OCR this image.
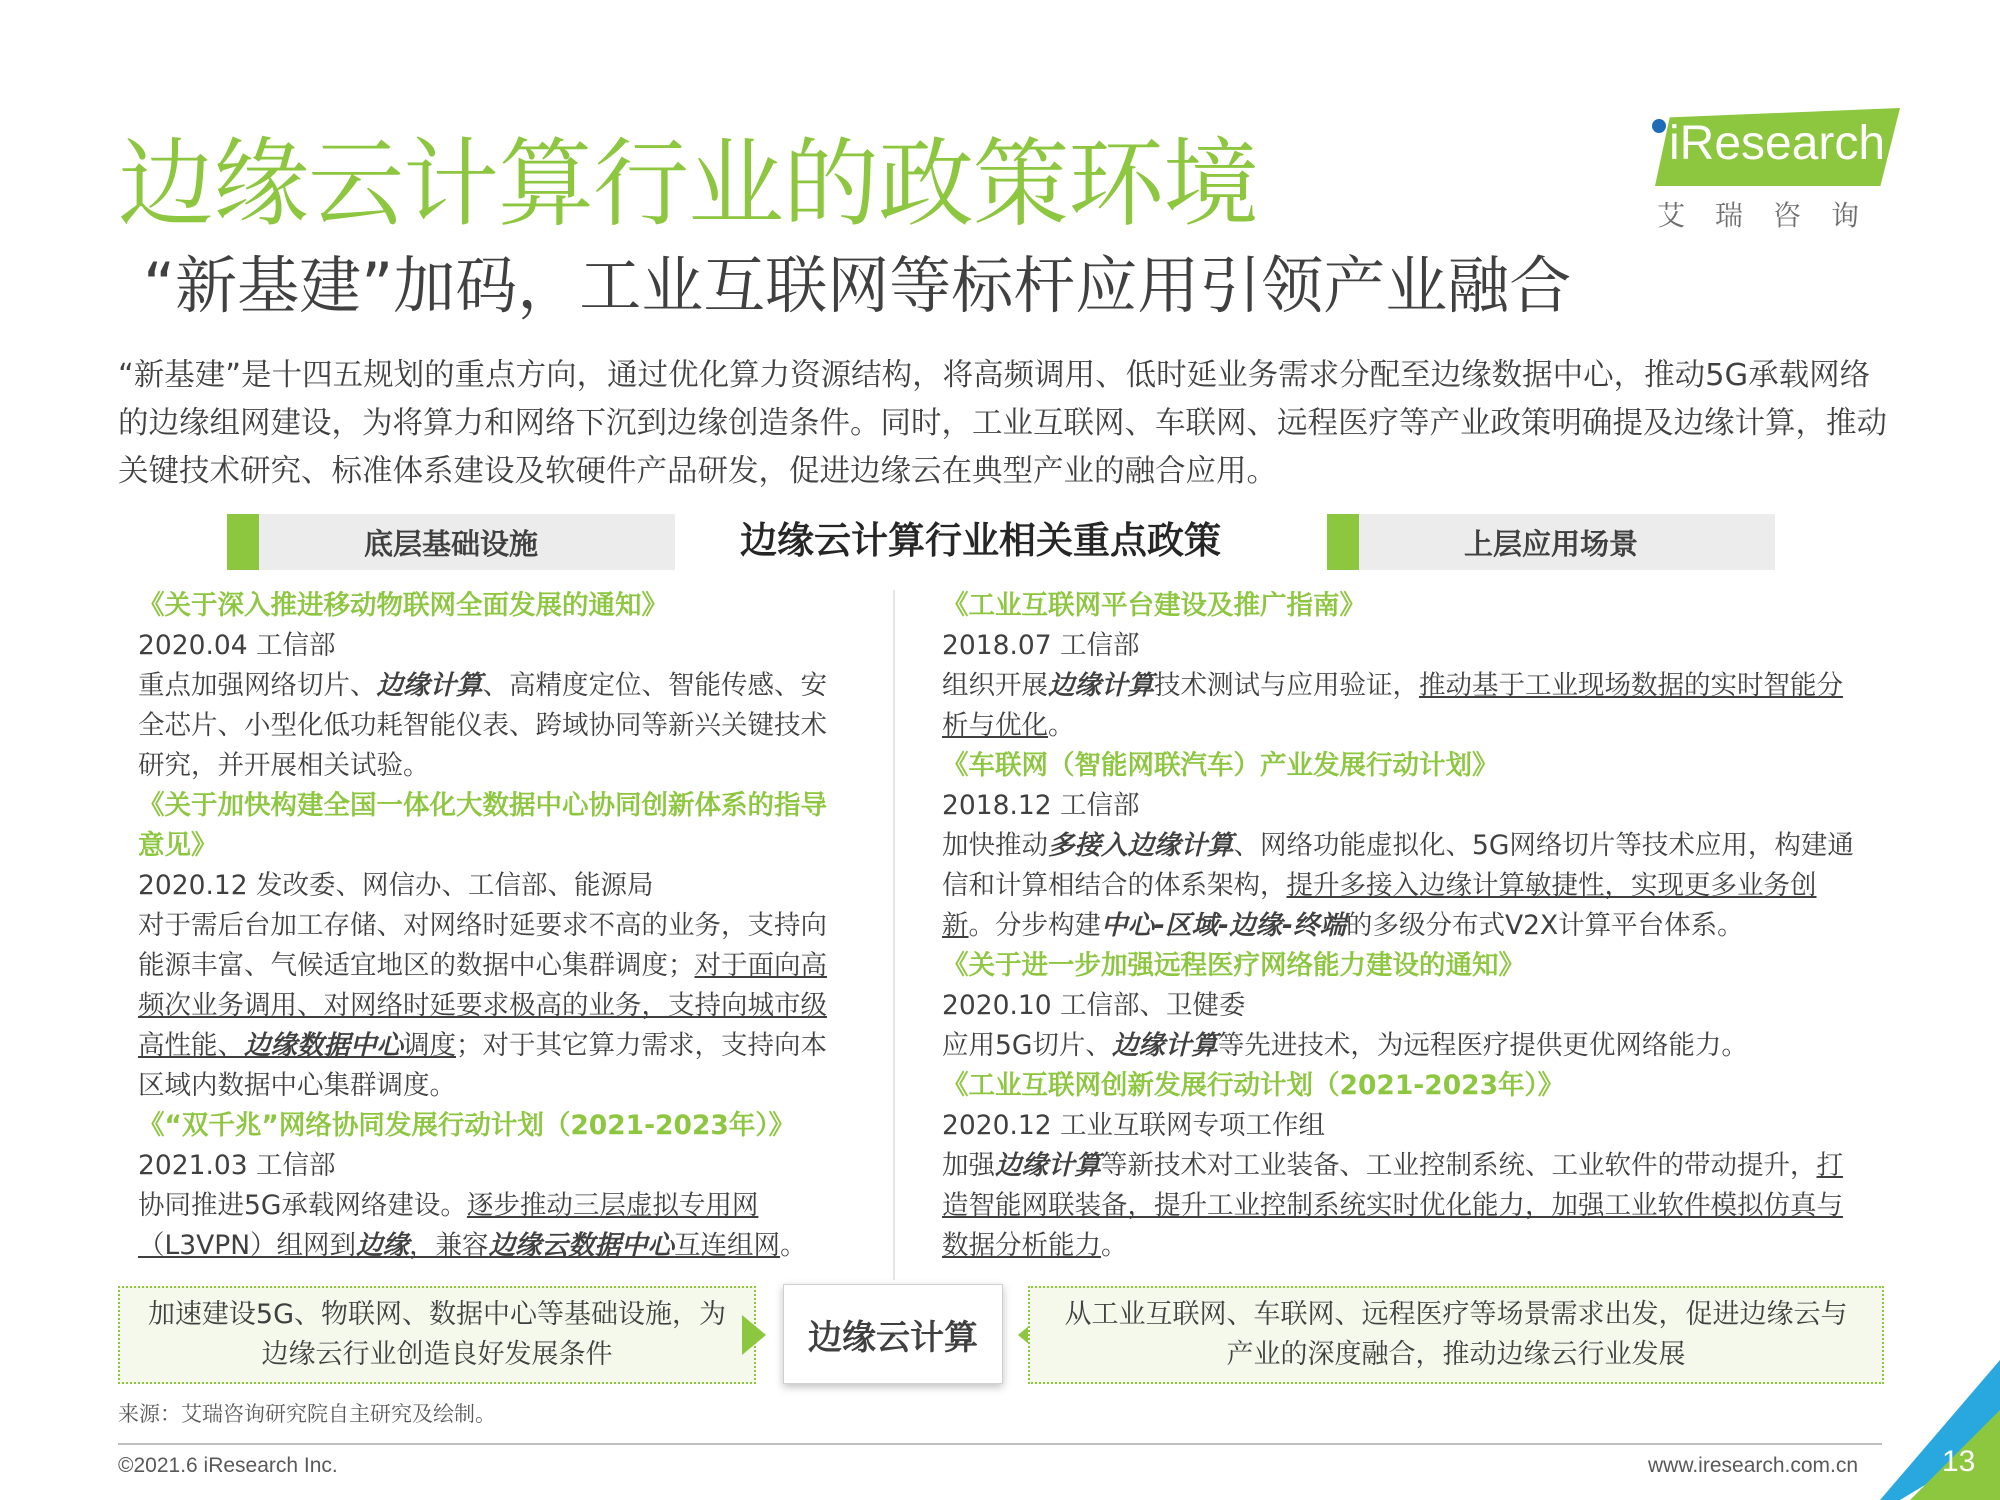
边缘云计算行业的政策环境	iResearch
艾瑞咨询
“新基建”加码，工业互联网等标杆应用引领产业融合
“新基建”是十四五规划的重点方向，通过优化算力资源结构，将高频调用、低时延业务需求分配至边缘数据中心，推动5G承载网络的边缘组网建设，为将算力和网络下沉到边缘创造条件。同时，工业互联网、车联网、远程医疗等产业政策明确提及边缘计算，推动关键技术研究、标准体系建设及软硬件产品研发，促进边缘云在典型产业的融合应用。
底层基础设施	边缘云计算行业相关重点政策	上层应用场景

《关于深入推进移动物联网全面发展的通知》

2020.04 工信部

重点加强网络切片、边缘计算、高精度定位、智能传感、安全芯片、小型化低功耗智能仪表、跨域协同等新兴关键技术研究，并开展相关试验。

《关于加快构建全国一体化大数据中心协同创新体系的指导意见》

2020.12 发改委、网信办、工信部、能源局

对于需后台加工存储、对网络时延要求不高的业务，支持向能源丰富、气候适宜地区的数据中心集群调度；对于面向高频次业务调用、对网络时延要求极高的业务，支持向城市级高性能、边缘数据中心调度；对于其它算力需求，支持向本区域内数据中心集群调度。

《“双千兆”网络协同发展行动计划（2021-2023年）》

2021.03 工信部

协同推进5G承载网络建设。逐步推动三层虚拟专用网（L3VPN）组网到边缘，兼容边缘云数据中心互连组网。

《工业互联网平台建设及推广指南》

2018.07 工信部

组织开展边缘计算技术测试与应用验证，推动基于工业现场数据的实时智能分析与优化。

《车联网（智能网联汽车）产业发展行动计划》

2018.12 工信部

加快推动多接入边缘计算、网络功能虚拟化、5G网络切片等技术应用，构建通信和计算相结合的体系架构，提升多接入边缘计算敏捷性，实现更多业务创新。分步构建中心-区域-边缘-终端的多级分布式V2X计算平台体系。

《关于进一步加强远程医疗网络能力建设的通知》

2020.10 工信部、卫健委

应用5G切片、边缘计算等先进技术，为远程医疗提供更优网络能力。

《工业互联网创新发展行动计划（2021-2023年）》

2020.12 工业互联网专项工作组

加强边缘计算等新技术对工业装备、工业控制系统、工业软件的带动提升，打造智能网联装备，提升工业控制系统实时优化能力，加强工业软件模拟仿真与数据分析能力。

加速建设5G、物联网、数据中心等基础设施，为边缘云行业创造良好发展条件	边缘云计算
从工业互联网、车联网、远程医疗等场景需求出发，促进边缘云与产业的深度融合，推动边缘云行业发展
来源：艾瑞咨询研究院自主研究及绘制。
©2021.6 iResearch Inc.	www.iresearch.com.cn	13
